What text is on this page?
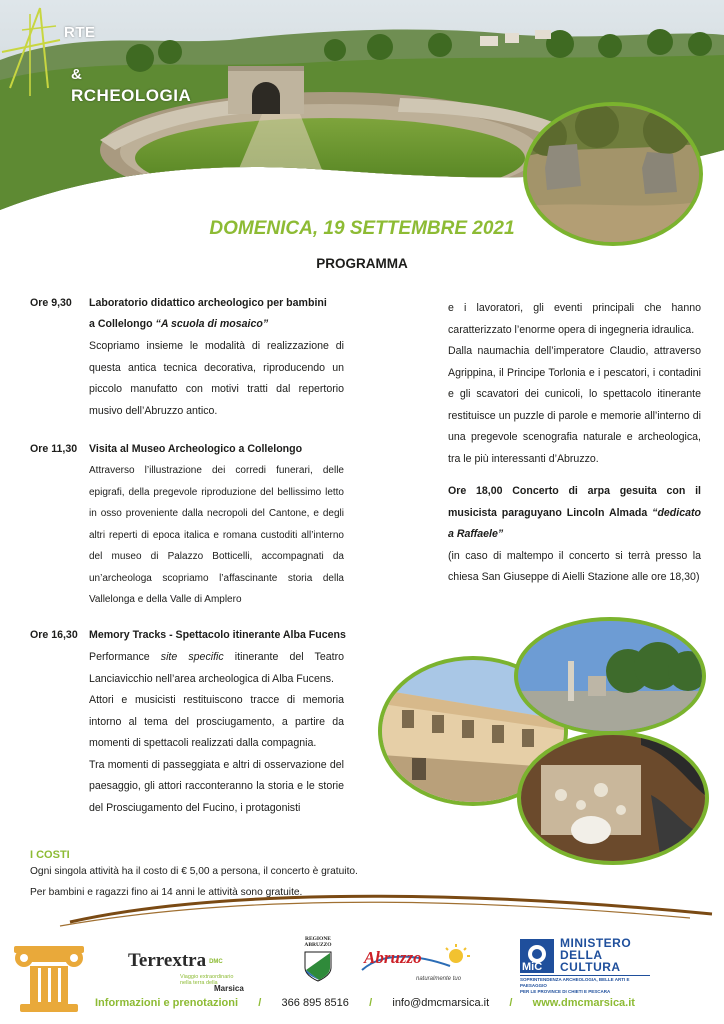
RTE
&
RCHEOLOGIA
DOMENICA, 19 SETTEMBRE 2021
PROGRAMMA
Ore 9,30 Laboratorio didattico archeologico per bambini
a Collelongo “A scuola di mosaico”
Scopriamo insieme le modalità di realizzazione di questa antica tecnica decorativa, riproducendo un piccolo manufatto con motivi tratti dal repertorio musivo dell’Abruzzo antico.
Ore 11,30 Visita al Museo Archeologico a Collelongo
Attraverso l’illustrazione dei corredi funerari, delle epigrafi, della pregevole riproduzione del bellissimo letto in osso proveniente dalla necropoli del Cantone, e degli altri reperti di epoca italica e romana custoditi all’interno del museo di Palazzo Botticelli, accompagnati da un’archeologa scopriamo l’affascinante storia della Vallelonga e della Valle di Amplero
Ore 16,30 Memory Tracks - Spettacolo itinerante Alba Fucens
Performance site specific itinerante del Teatro Lanciavicchio nell’area archeologica di Alba Fucens.
Attori e musicisti restituiscono tracce di memoria intorno al tema del prosciugamento, a partire da momenti di spettacoli realizzati dalla compagnia.
Tra momenti di passeggiata e altri di osservazione del paesaggio, gli attori racconteranno la storia e le storie del Prosciugamento del Fucino, i protagonisti
e i lavoratori, gli eventi principali che hanno caratterizzato l’enorme opera di ingegneria idraulica.
Dalla naumachia dell’imperatore Claudio, attraverso Agrippina, il Principe Torlonia e i pescatori, i contadini e gli scavatori dei cunicoli, lo spettacolo itinerante restituisce un puzzle di parole e memorie all’interno di una pregevole scenografia naturale e archeologica, tra le più interessanti d’Abruzzo.
Ore 18,00 Concerto di arpa gesuita con il musicista paraguyano Lincoln Almada “dedicato a Raffaele”
(in caso di maltempo il concerto si terrà presso la chiesa San Giuseppe di Aielli Stazione alle ore 18,30)
I COSTI
Ogni singola attività ha il costo di € 5,00 a persona, il concerto è gratuito.
Per bambini e ragazzi fino ai 14 anni le attività sono gratuite.
Terrextra DMC
Viaggio extraordinario
nella terra della
Marsica
REGIONE
ABRUZZO
Abruzzo
naturalmente tuo
MiC
MINISTERO
DELLA
CULTURA
SOPRINTENDENZA ARCHEOLOGIA, BELLE ARTI E PAESAGGIO
PER LE PROVINCE DI CHIETI E PESCARA
Informazioni e prenotazioni / 366 895 8516 / info@dmcmarsica.it / www.dmcmarsica.it
